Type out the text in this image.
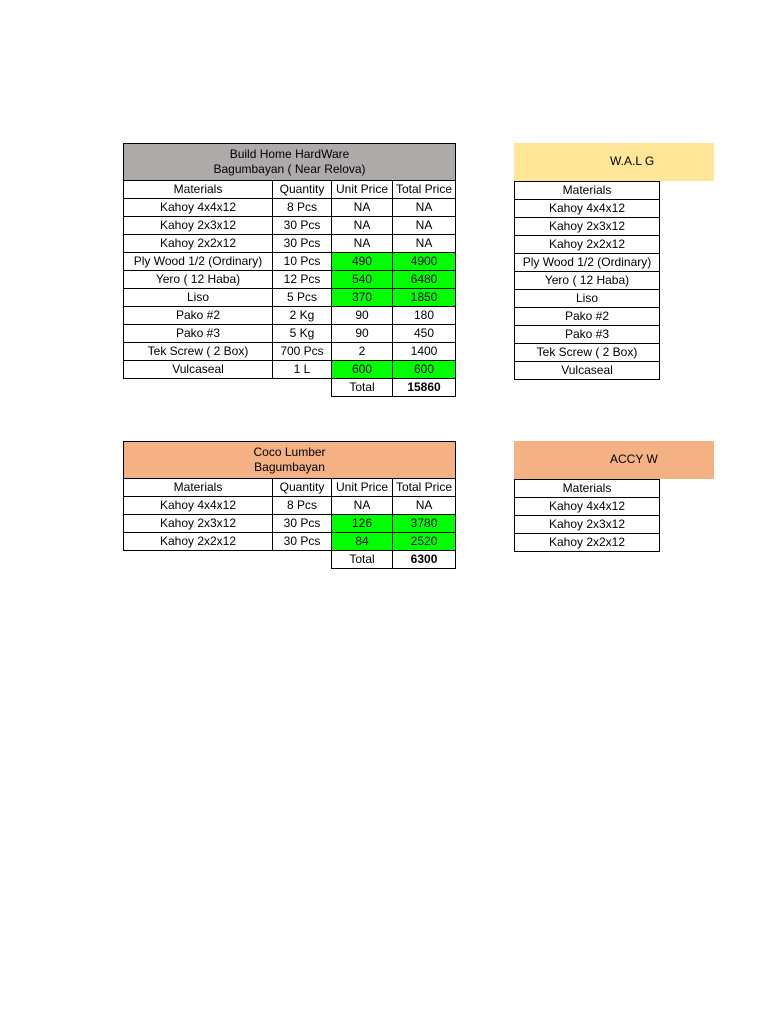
Build Home HardWare
Bagumbayan ( Near Relova)			

Materials	Quantity	Unit Price	Total Price
Kahoy 4x4x12	8 Pcs	NA	NA
Kahoy 2x3x12	30 Pcs	NA	NA
Kahoy 2x2x12	30 Pcs	NA	NA
Ply Wood 1/2 (Ordinary)	10 Pcs	490	4900
Yero ( 12 Haba)	12 Pcs	540	6480
Liso	5 Pcs	370	1850
Pako #2	2 Kg	90	180
Pako #3	5 Kg	90	450
Tek Screw ( 2 Box)	700 Pcs	2	1400
Vulcaseal	1 L	600	600
		Total	15860
Coco Lumber
Bagumbayan			

Materials	Quantity	Unit Price	Total Price
Kahoy 4x4x12	8 Pcs	NA	NA
Kahoy 2x3x12	30 Pcs	126	3780
Kahoy 2x2x12	30 Pcs	84	2520
		Total	6300
W.A.L G
Materials
Kahoy 4x4x12
Kahoy 2x3x12
Kahoy 2x2x12
Ply Wood 1/2 (Ordinary)
Yero ( 12 Haba)
Liso
Pako #2
Pako #3
Tek Screw ( 2 Box)
Vulcaseal
ACCY W
Materials
Kahoy 4x4x12
Kahoy 2x3x12
Kahoy 2x2x12
